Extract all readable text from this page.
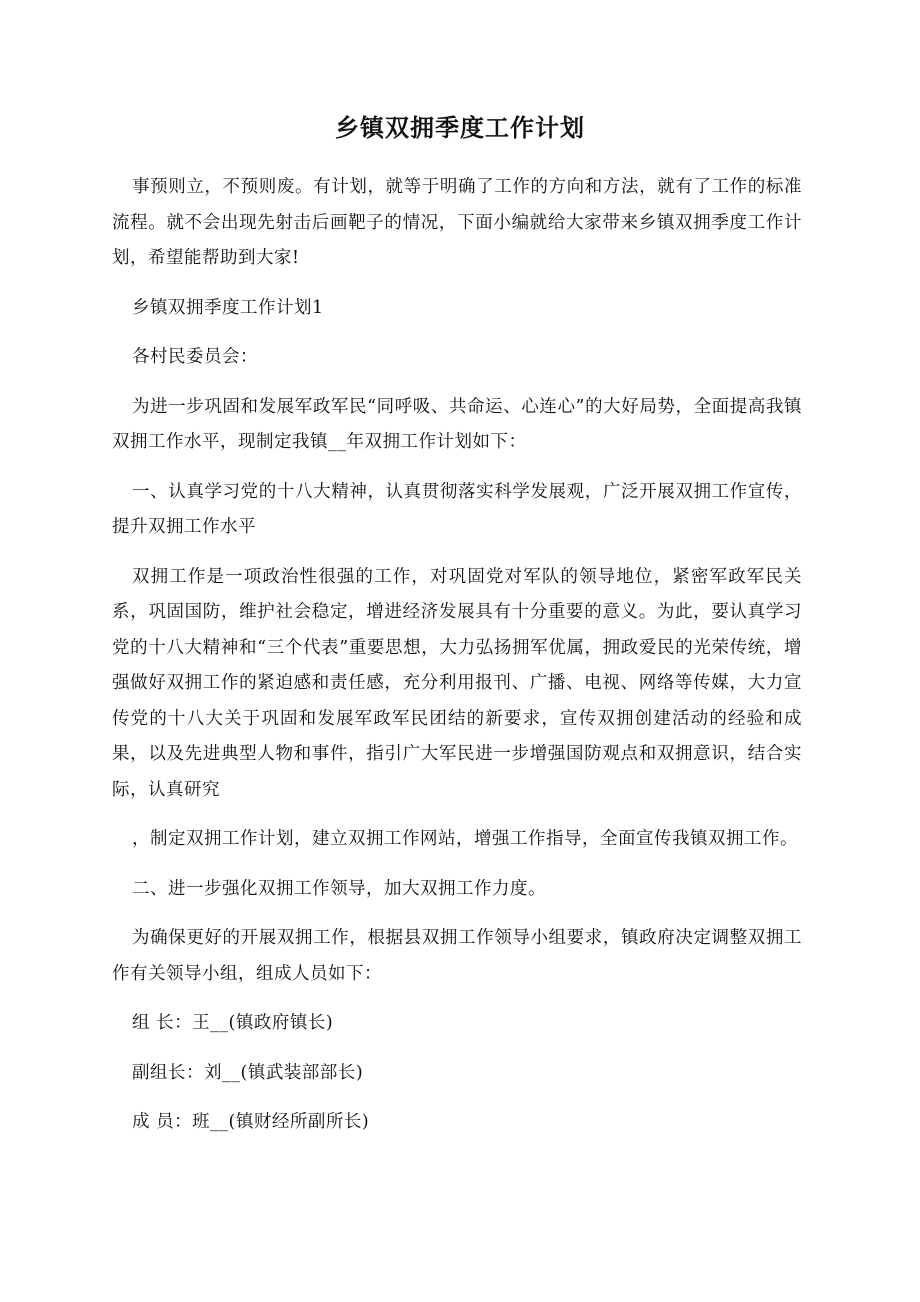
乡镇双拥季度工作计划

事预则立，不预则废。有计划，就等于明确了工作的方向和方法，就有了工作的标准流程。就不会出现先射击后画靶子的情况，下面小编就给大家带来乡镇双拥季度工作计划，希望能帮助到大家!

乡镇双拥季度工作计划1

各村民委员会：

为进一步巩固和发展军政军民“同呼吸、共命运、心连心”的大好局势，全面提高我镇双拥工作水平，现制定我镇__年双拥工作计划如下：

一、认真学习党的十八大精神，认真贯彻落实科学发展观，广泛开展双拥工作宣传，提升双拥工作水平

双拥工作是一项政治性很强的工作，对巩固党对军队的领导地位，紧密军政军民关系，巩固国防，维护社会稳定，增进经济发展具有十分重要的意义。为此，要认真学习党的十八大精神和“三个代表”重要思想，大力弘扬拥军优属，拥政爱民的光荣传统，增强做好双拥工作的紧迫感和责任感，充分利用报刊、广播、电视、网络等传媒，大力宣传党的十八大关于巩固和发展军政军民团结的新要求，宣传双拥创建活动的经验和成果，以及先进典型人物和事件，指引广大军民进一步增强国防观点和双拥意识，结合实际，认真研究

，制定双拥工作计划，建立双拥工作网站，增强工作指导，全面宣传我镇双拥工作。

二、进一步强化双拥工作领导，加大双拥工作力度。

为确保更好的开展双拥工作，根据县双拥工作领导小组要求，镇政府决定调整双拥工作有关领导小组，组成人员如下：

组 长：王__(镇政府镇长)

副组长：刘__(镇武装部部长)

成 员：班__(镇财经所副所长)
